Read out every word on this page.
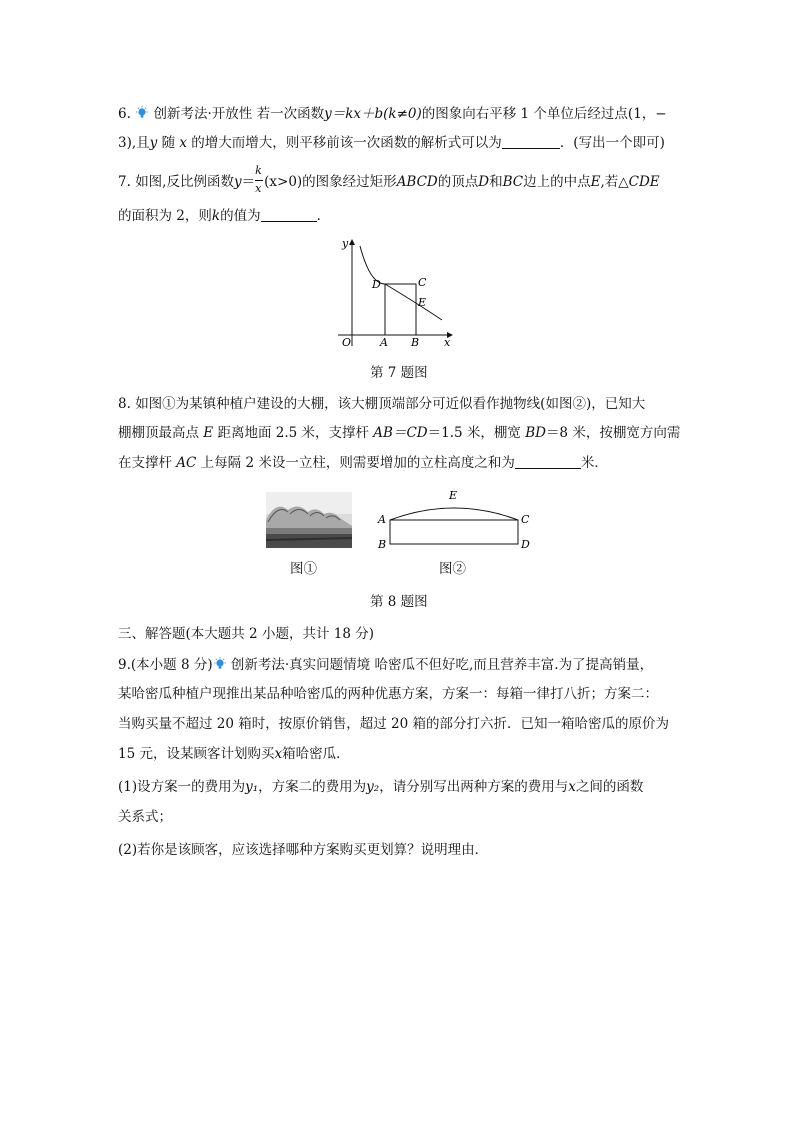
6. 创新考法·开放性 若一次函数y＝kx＋b(k≠0)的图象向右平移 1 个单位后经过点(1，−
3),且y 随 x 的增大而增大，则平移前该一次函数的解析式可以为	．(写出一个即可)
7. 如图,反比例函数$y= \frac{k}{x} (x>0)$的图象经过矩形ABCD的顶点D和BC边上的中点E,若△CDE
的面积为 2，则k的值为	．
y
x
O	A B
D	C
E
第 7 题图
8. 如图①为某镇种植户建设的大棚，该大棚顶端部分可近似看作抛物线(如图②)，已知大
棚棚顶最高点 E 距离地面 2.5 米，支撑杆 AB＝CD＝1.5 米，棚宽 BD＝8 米，按棚宽方向需
在支撑杆 AC 上每隔 2 米设一立柱，则需要增加的立柱高度之和为	米．
E
A	C
B	D
图①	图②
第 8 题图
三、解答题(本大题共 2 小题，共计 18 分)
9.(本小题 8 分) 创新考法·真实问题情境 哈密瓜不但好吃,而且营养丰富.为了提高销量，
某哈密瓜种植户现推出某品种哈密瓜的两种优惠方案，方案一：每箱一律打八折；方案二：
当购买量不超过 20 箱时，按原价销售，超过 20 箱的部分打六折．已知一箱哈密瓜的原价为
15 元，设某顾客计划购买x箱哈密瓜．
(1)设方案一的费用为y₁，方案二的费用为y₂，请分别写出两种方案的费用与x之间的函数
关系式；
(2)若你是该顾客，应该选择哪种方案购买更划算？说明理由．
